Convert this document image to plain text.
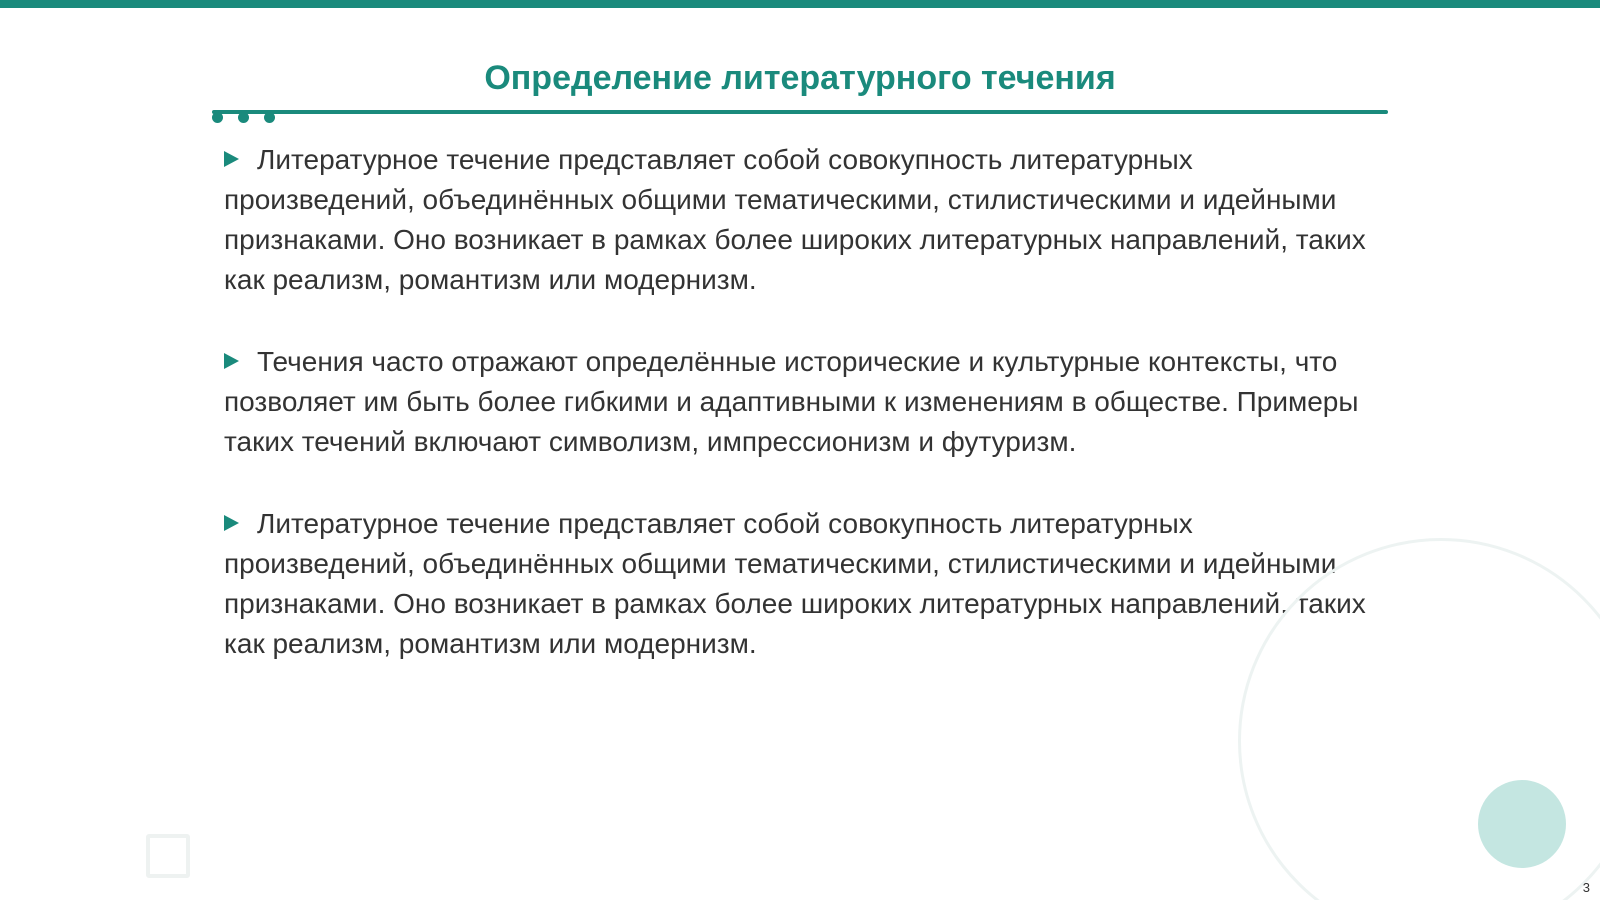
Определение литературного течения
Литературное течение представляет собой совокупность литературных произведений, объединённых общими тематическими, стилистическими и идейными признаками. Оно возникает в рамках более широких литературных направлений, таких как реализм, романтизм или модернизм.
Течения часто отражают определённые исторические и культурные контексты, что позволяет им быть более гибкими и адаптивными к изменениям в обществе. Примеры таких течений включают символизм, импрессионизм и футуризм.
Литературное течение представляет собой совокупность литературных произведений, объединённых общими тематическими, стилистическими и идейными признаками. Оно возникает в рамках более широких литературных направлений, таких как реализм, романтизм или модернизм.
3
